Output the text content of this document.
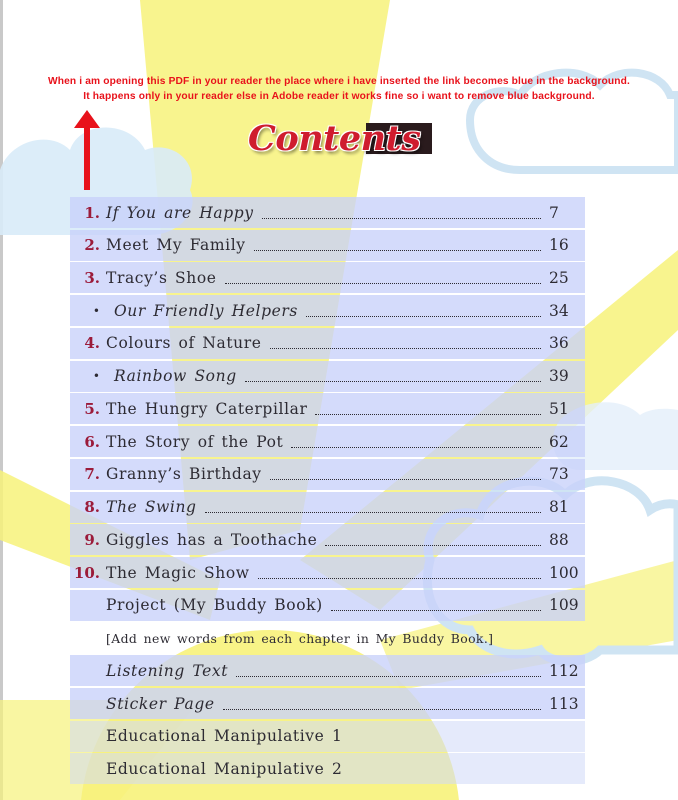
When i am opening this PDF in your reader the place where i have inserted the link becomes blue in the background.
It happens only in your reader else in Adobe reader it works fine so i want to remove blue background.
Contents
1. If You are Happy	7
2. Meet My Family	16
3. Tracy’s Shoe	25
• Our Friendly Helpers	34
4. Colours of Nature	36
• Rainbow Song	39
5. The Hungry Caterpillar	51
6. The Story of the Pot	62
7. Granny’s Birthday	73
8. The Swing	81
9. Giggles has a Toothache	88
10. The Magic Show	100
Project (My Buddy Book)	109
[Add new words from each chapter in My Buddy Book.]
Listening Text	112
Sticker Page	113
Educational Manipulative 1
Educational Manipulative 2
